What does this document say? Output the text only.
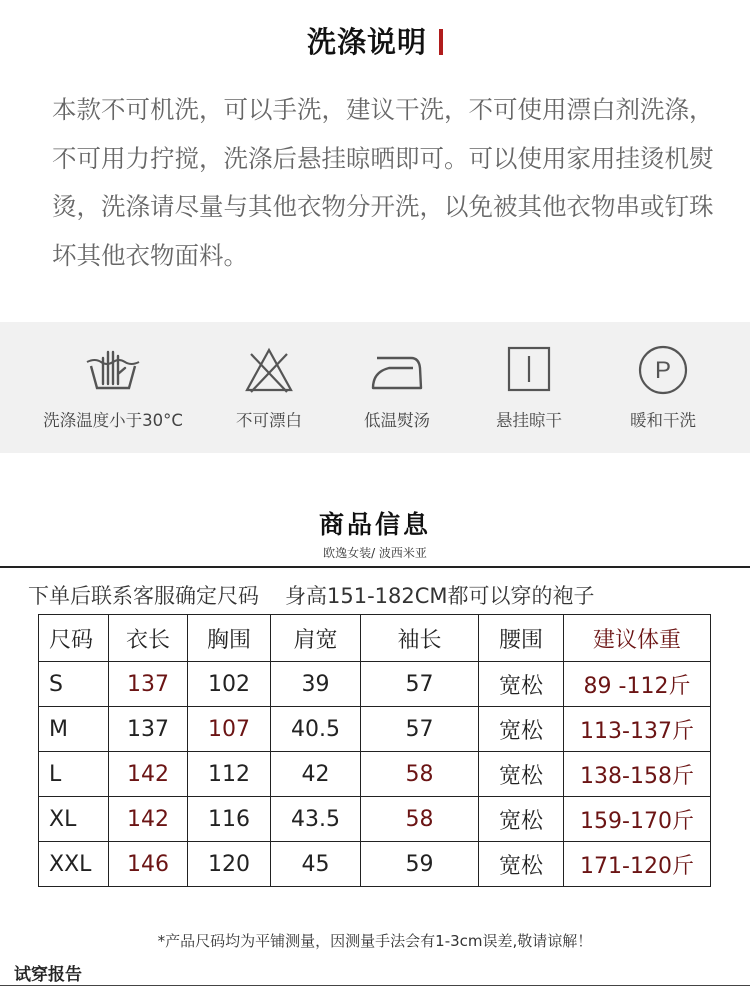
洗涤说明
本款不可机洗，可以手洗，建议干洗，不可使用漂白剂洗涤，不可用力拧搅，洗涤后悬挂晾晒即可。可以使用家用挂烫机熨烫，洗涤请尽量与其他衣物分开洗，以免被其他衣物串或钉珠坏其他衣物面料。
洗涤温度小于30°C	不可漂白	低温熨汤	悬挂晾干
P
暖和干洗
商品信息
欧逸女装/ 波西米亚
下单后联系客服确定尺码 身高151-182CM都可以穿的袍子
尺码	衣长	胸围	肩宽	袖长	腰围	建议体重
S	137	102	39	57	宽松	89 -112斤
M	137	107	40.5	57	宽松	113-137斤
L	142	112	42	58	宽松	138-158斤
XL	142	116	43.5	58	宽松	159-170斤
XXL	146	120	45	59	宽松	171-120斤
*产品尺码均为平铺测量，因测量手法会有1-3cm误差,敬请谅解！
试穿报告
